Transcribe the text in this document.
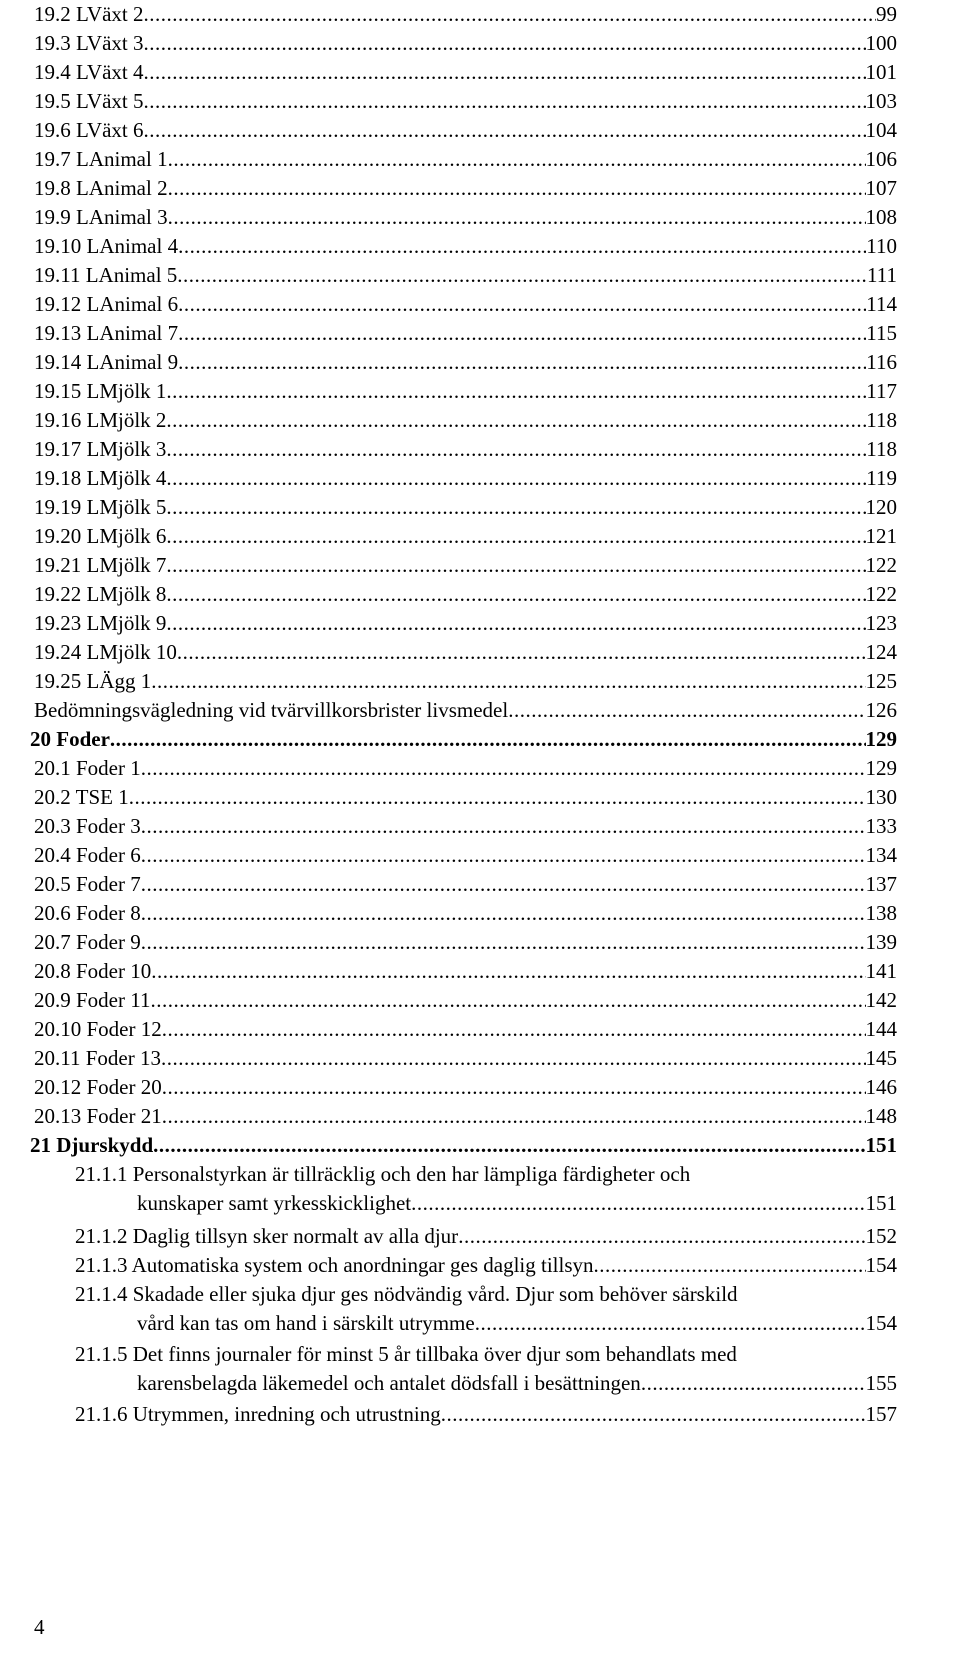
19.2 LVäxt 2 .....	99
19.3 LVäxt 3 .....	100
19.4 LVäxt 4 .....	101
19.5 LVäxt 5 .....	103
19.6 LVäxt 6 .....	104
19.7 LAnimal 1 .....	106
19.8 LAnimal 2 .....	107
19.9 LAnimal 3 .....	108
19.10 LAnimal 4 .....	110
19.11 LAnimal 5 .....	111
19.12 LAnimal 6 .....	114
19.13 LAnimal 7 .....	115
19.14 LAnimal 9 .....	116
19.15 LMjölk 1 .....	117
19.16 LMjölk 2 .....	118
19.17 LMjölk 3 .....	118
19.18 LMjölk 4 .....	119
19.19 LMjölk 5 .....	120
19.20 LMjölk 6 .....	121
19.21 LMjölk 7 .....	122
19.22 LMjölk 8 .....	122
19.23 LMjölk 9 .....	123
19.24 LMjölk 10 .....	124
19.25 LÄgg 1 .....	125
Bedömningsvägledning vid tvärvillkorsbrister livsmedel .....	126
20 Foder .....	129
20.1 Foder 1 .....	129
20.2 TSE 1 .....	130
20.3 Foder 3 .....	133
20.4 Foder 6 .....	134
20.5 Foder 7 .....	137
20.6 Foder 8 .....	138
20.7 Foder 9 .....	139
20.8 Foder 10 .....	141
20.9 Foder 11 .....	142
20.10 Foder 12 .....	144
20.11 Foder 13 .....	145
20.12 Foder 20 .....	146
20.13 Foder 21 .....	148
21 Djurskydd .....	151
21.1.1 Personalstyrkan är tillräcklig och den har lämpliga färdigheter och
kunskaper samt yrkesskicklighet .....	151
21.1.2 Daglig tillsyn sker normalt av alla djur .....	152
21.1.3 Automatiska system och anordningar ges daglig tillsyn .....	154
21.1.4 Skadade eller sjuka djur ges nödvändig vård. Djur som behöver särskild
vård kan tas om hand i särskilt utrymme .....	154
21.1.5 Det finns journaler för minst 5 år tillbaka över djur som behandlats med
karensbelagda läkemedel och antalet dödsfall i besättningen .....	155
21.1.6 Utrymmen, inredning och utrustning .....	157
4
